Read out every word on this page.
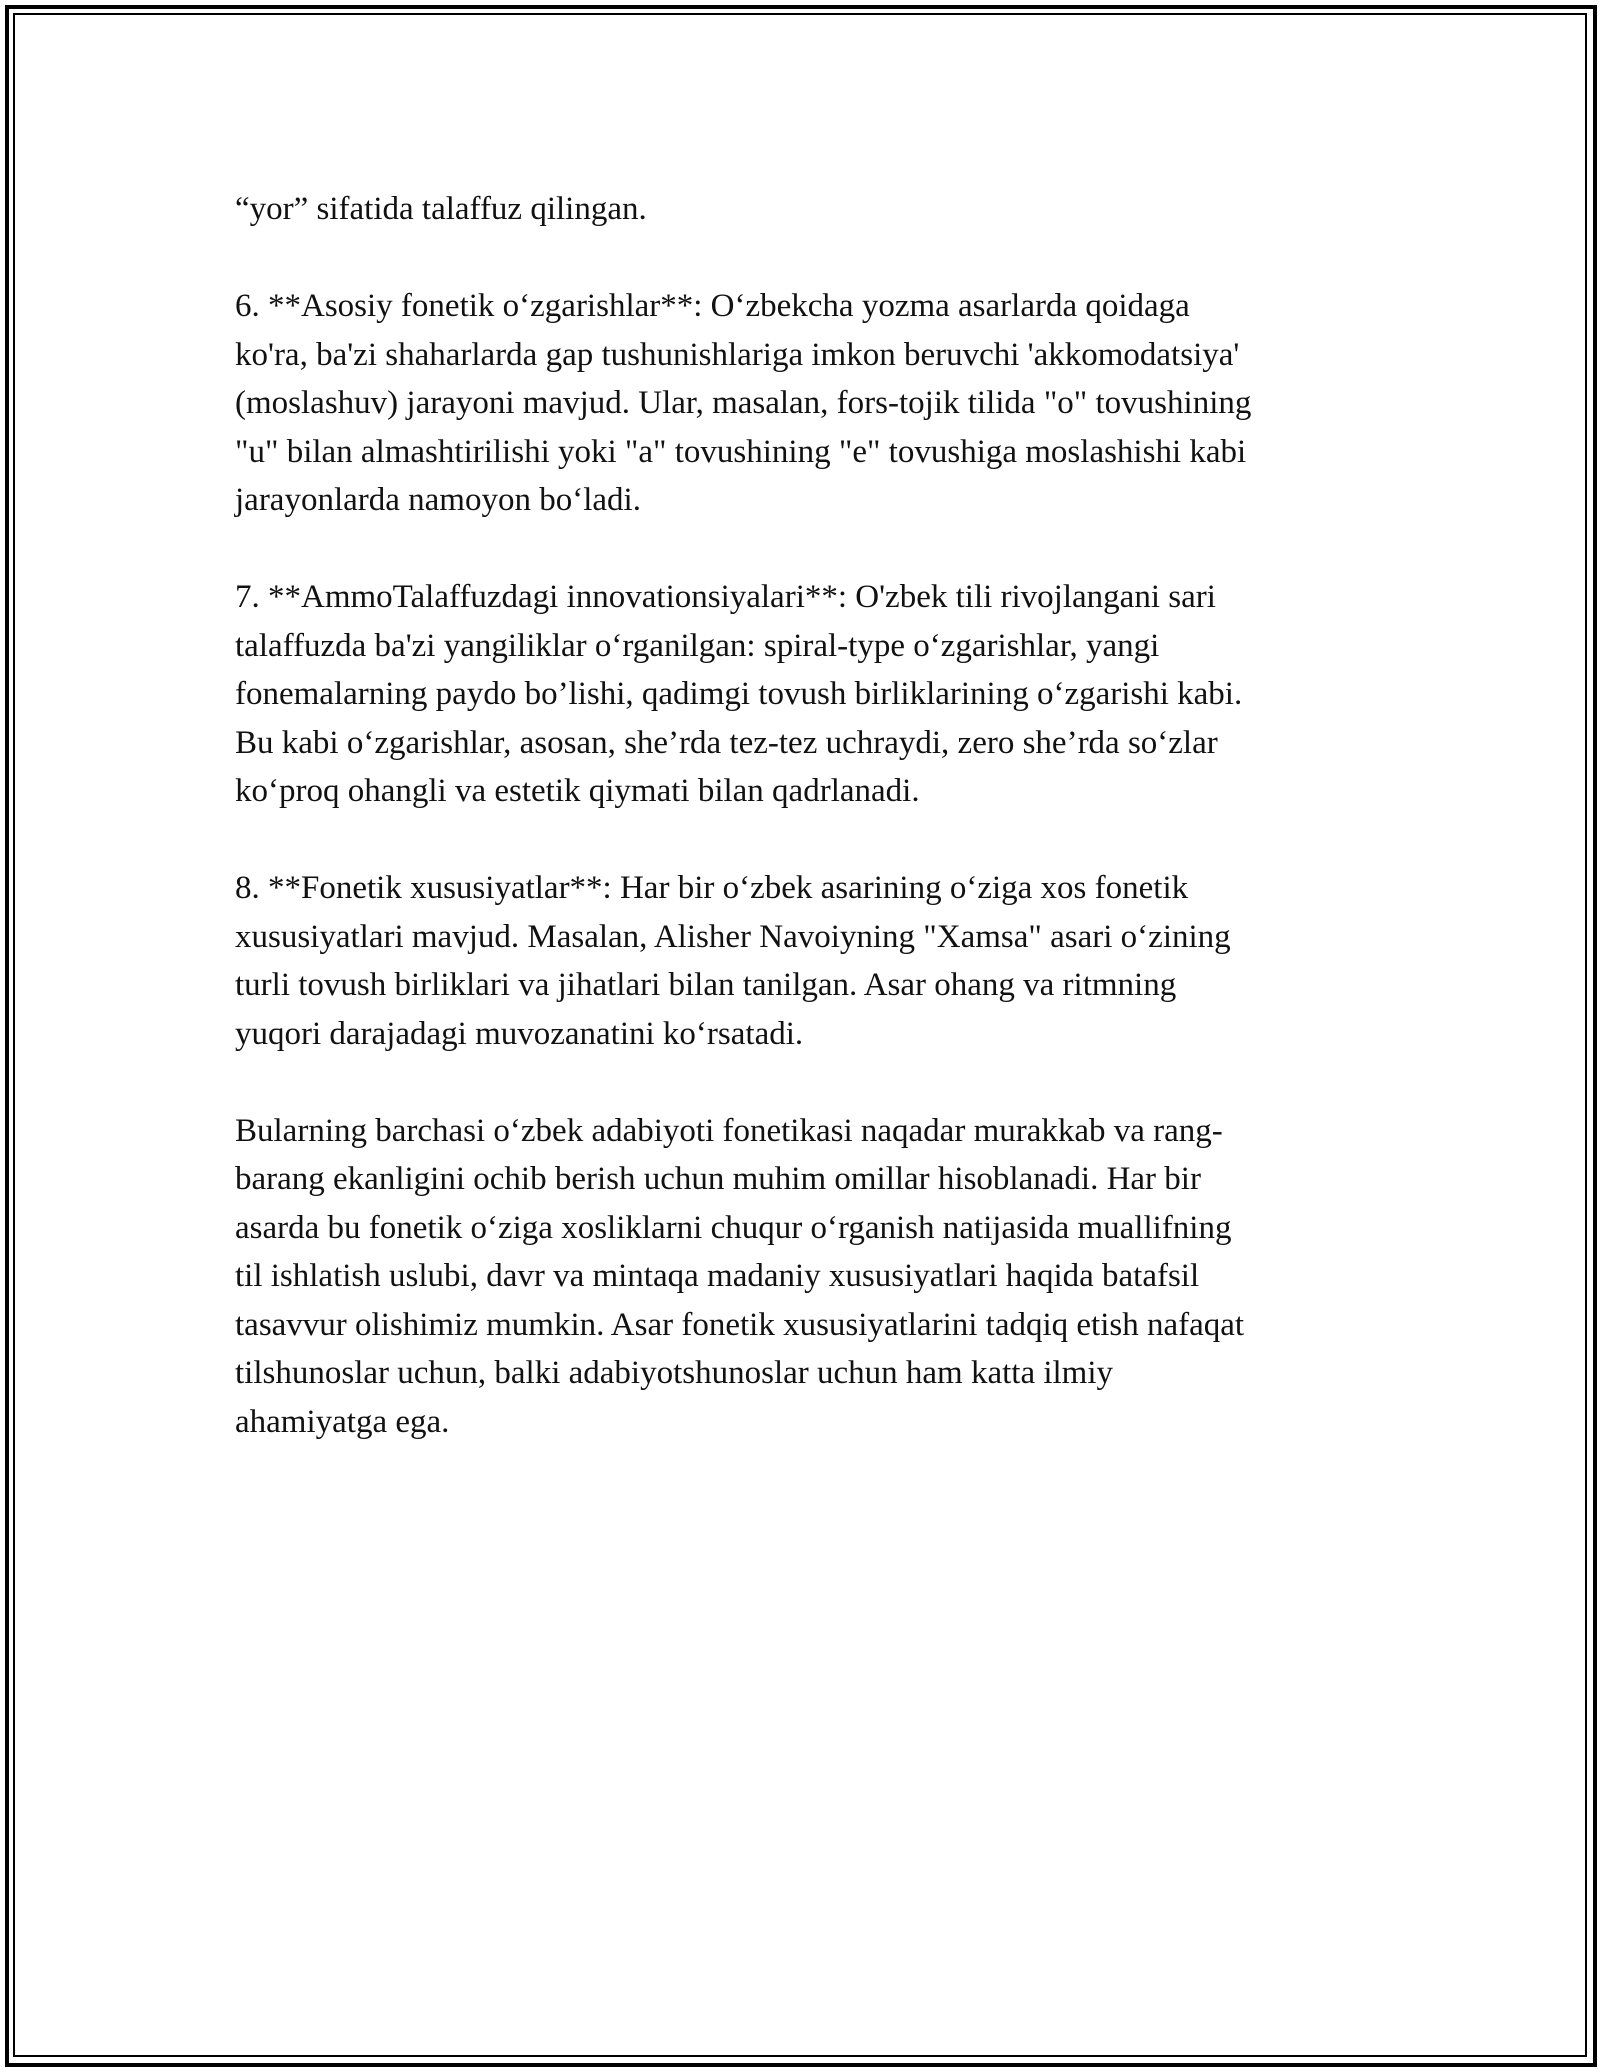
“yor” sifatida talaffuz qilingan.

6. **Asosiy fonetik o‘zgarishlar**: O‘zbekcha yozma asarlarda qoidaga
ko'ra, ba'zi shaharlarda gap tushunishlariga imkon beruvchi 'akkomodatsiya'
(moslashuv) jarayoni mavjud. Ular, masalan, fors-tojik tilida "o" tovushining
"u" bilan almashtirilishi yoki "a" tovushining "e" tovushiga moslashishi kabi
jarayonlarda namoyon bo‘ladi.

7. **AmmoTalaffuzdagi innovationsiyalari**: O'zbek tili rivojlangani sari
talaffuzda ba'zi yangiliklar o‘rganilgan: spiral-type o‘zgarishlar, yangi
fonemalarning paydo bo’lishi, qadimgi tovush birliklarining o‘zgarishi kabi.
Bu kabi o‘zgarishlar, asosan, she’rda tez-tez uchraydi, zero she’rda so‘zlar
ko‘proq ohangli va estetik qiymati bilan qadrlanadi.

8. **Fonetik xususiyatlar**: Har bir o‘zbek asarining o‘ziga xos fonetik
xususiyatlari mavjud. Masalan, Alisher Navoiyning "Xamsa" asari o‘zining
turli tovush birliklari va jihatlari bilan tanilgan. Asar ohang va ritmning
yuqori darajadagi muvozanatini ko‘rsatadi.

Bularning barchasi o‘zbek adabiyoti fonetikasi naqadar murakkab va rang-
barang ekanligini ochib berish uchun muhim omillar hisoblanadi. Har bir
asarda bu fonetik o‘ziga xosliklarni chuqur o‘rganish natijasida muallifning
til ishlatish uslubi, davr va mintaqa madaniy xususiyatlari haqida batafsil
tasavvur olishimiz mumkin. Asar fonetik xususiyatlarini tadqiq etish nafaqat
tilshunoslar uchun, balki adabiyotshunoslar uchun ham katta ilmiy
ahamiyatga ega.
